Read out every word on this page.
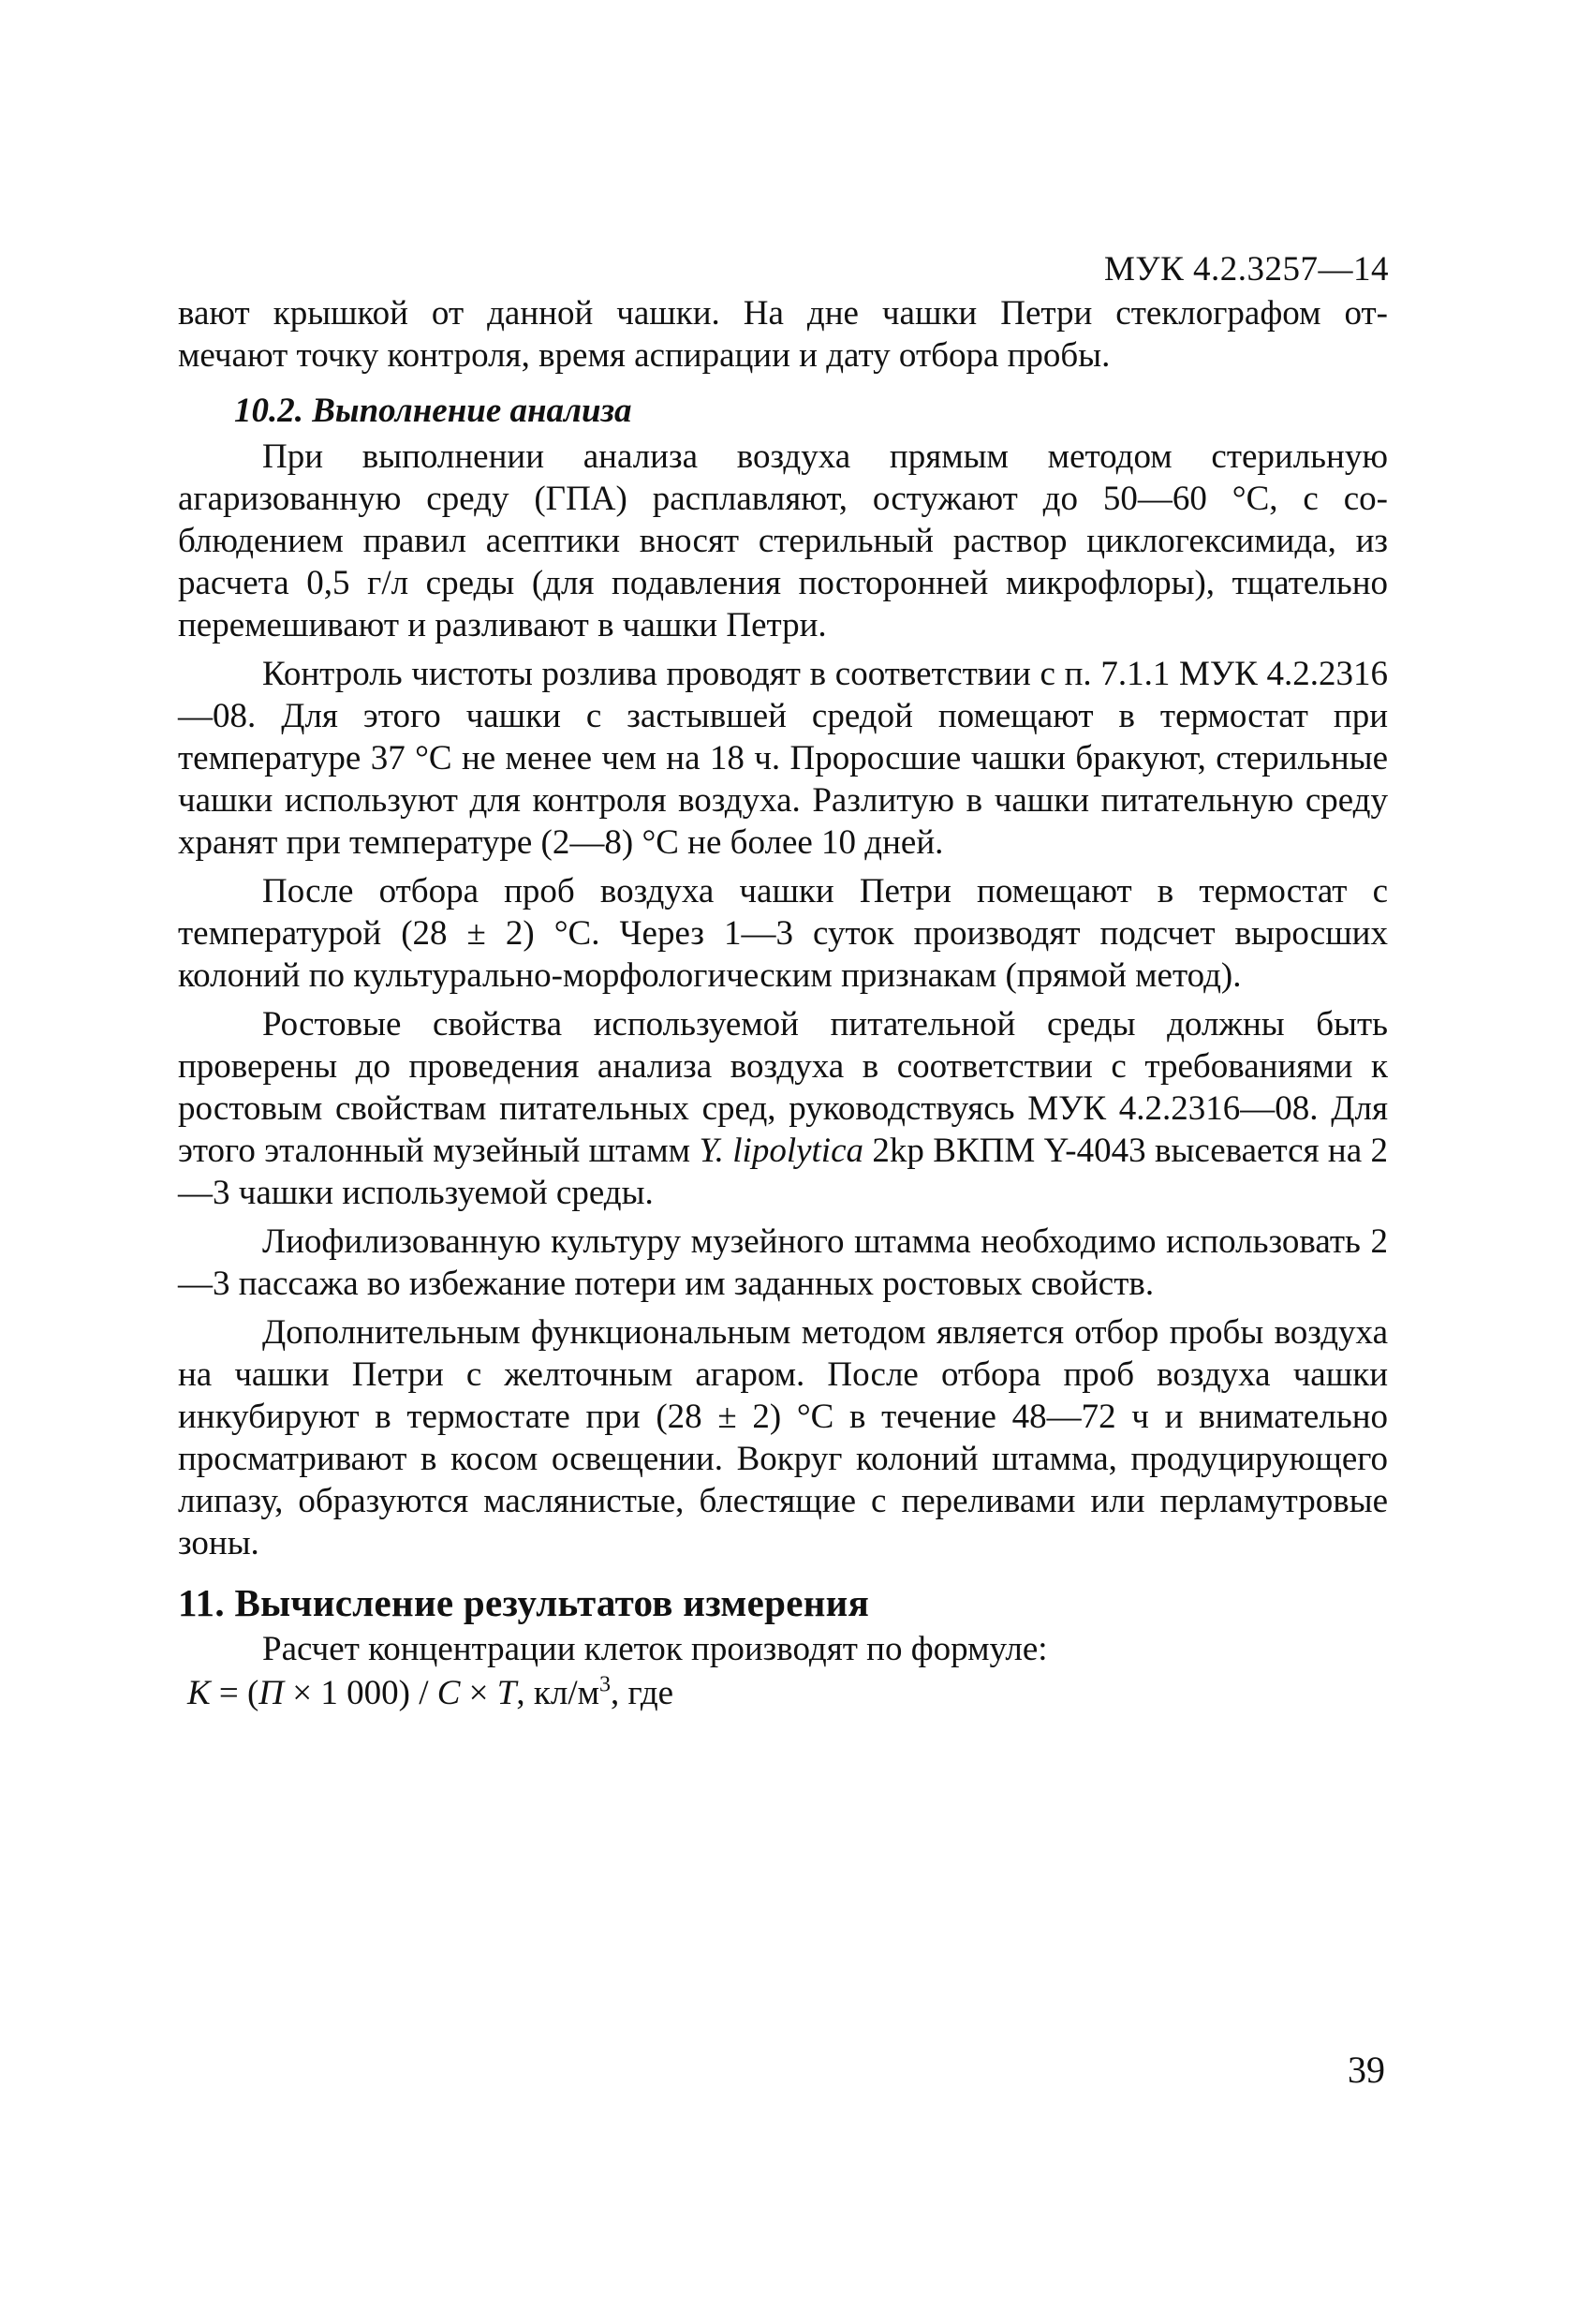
МУК 4.2.3257—14

вают крышкой от данной чашки. На дне чашки Петри стеклографом от-

мечают точку контроля, время аспирации и дату отбора пробы.

10.2. Выполнение анализа

При выполнении анализа воздуха прямым методом стерильную агаризованную среду (ГПА) расплавляют, остужают до 50—60 °С, с соблюдением правил асептики вносят стерильный раствор циклогексимида, из расчета 0,5 г/л среды (для подавления посторонней микрофлоры), тщательно перемешивают и разливают в чашки Петри.

Контроль чистоты розлива проводят в соответствии с п. 7.1.1 МУК 4.2.2316—08. Для этого чашки с застывшей средой помещают в термостат при температуре 37 °С не менее чем на 18 ч. Проросшие чашки бракуют, стерильные чашки используют для контроля воздуха. Разлитую в чашки питательную среду хранят при температуре (2—8) °С не более 10 дней.

После отбора проб воздуха чашки Петри помещают в термостат с температурой (28 ± 2) °С. Через 1—3 суток производят подсчет выросших колоний по культурально-морфологическим признакам (прямой метод).

Ростовые свойства используемой питательной среды должны быть проверены до проведения анализа воздуха в соответствии с требованиями к ростовым свойствам питательных сред, руководствуясь МУК 4.2.2316—08. Для этого эталонный музейный штамм Y. lipolytica 2kp ВКПМ Y-4043 высевается на 2—3 чашки используемой среды.

Лиофилизованную культуру музейного штамма необходимо использовать 2—3 пассажа во избежание потери им заданных ростовых свойств.

Дополнительным функциональным методом является отбор пробы воздуха на чашки Петри с желточным агаром. После отбора проб воздуха чашки инкубируют в термостате при (28 ± 2) °С в течение 48—72 ч и внимательно просматривают в косом освещении. Вокруг колоний штамма, продуцирующего липазу, образуются маслянистые, блестящие с переливами или перламутровые зоны.

11. Вычисление результатов измерения

Расчет концентрации клеток производят по формуле:

К = (П × 1 000) / С × Т, $кл/м^3$, где

39
